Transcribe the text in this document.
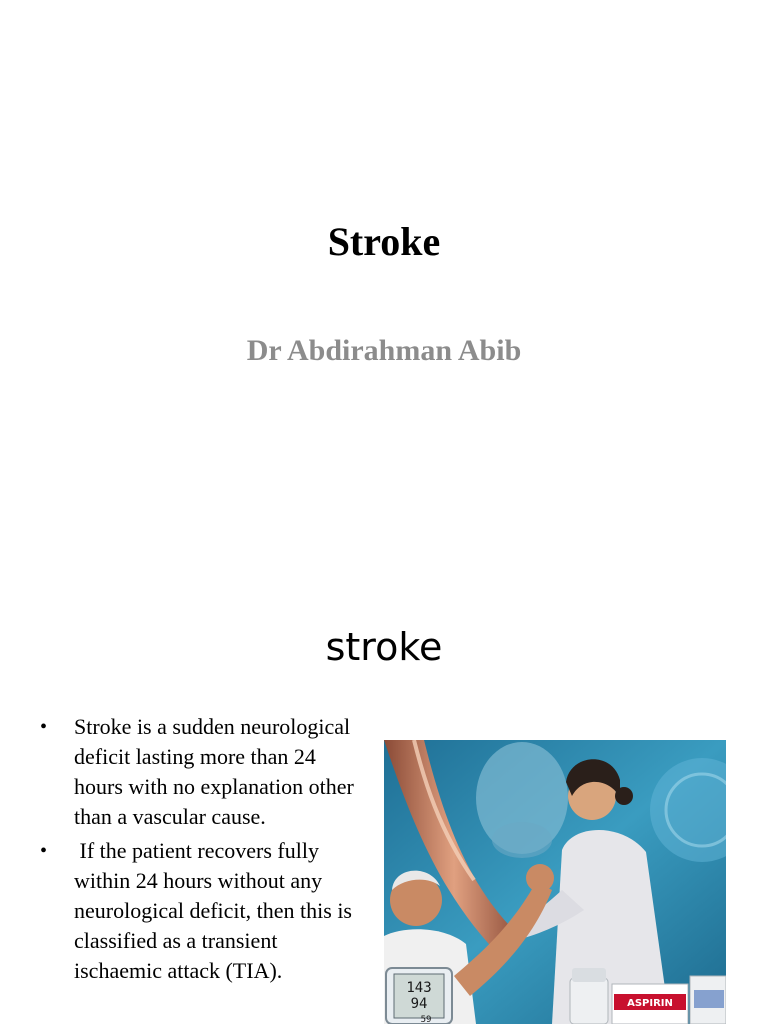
Stroke
Dr Abdirahman Abib
stroke
• Stroke is a sudden neurological deficit lasting more than 24 hours with no explanation other than a vascular cause.
• If the patient recovers fully within 24 hours without any neurological deficit, then this is classified as a transient ischaemic attack (TIA).
143
94
59
ASPIRIN
